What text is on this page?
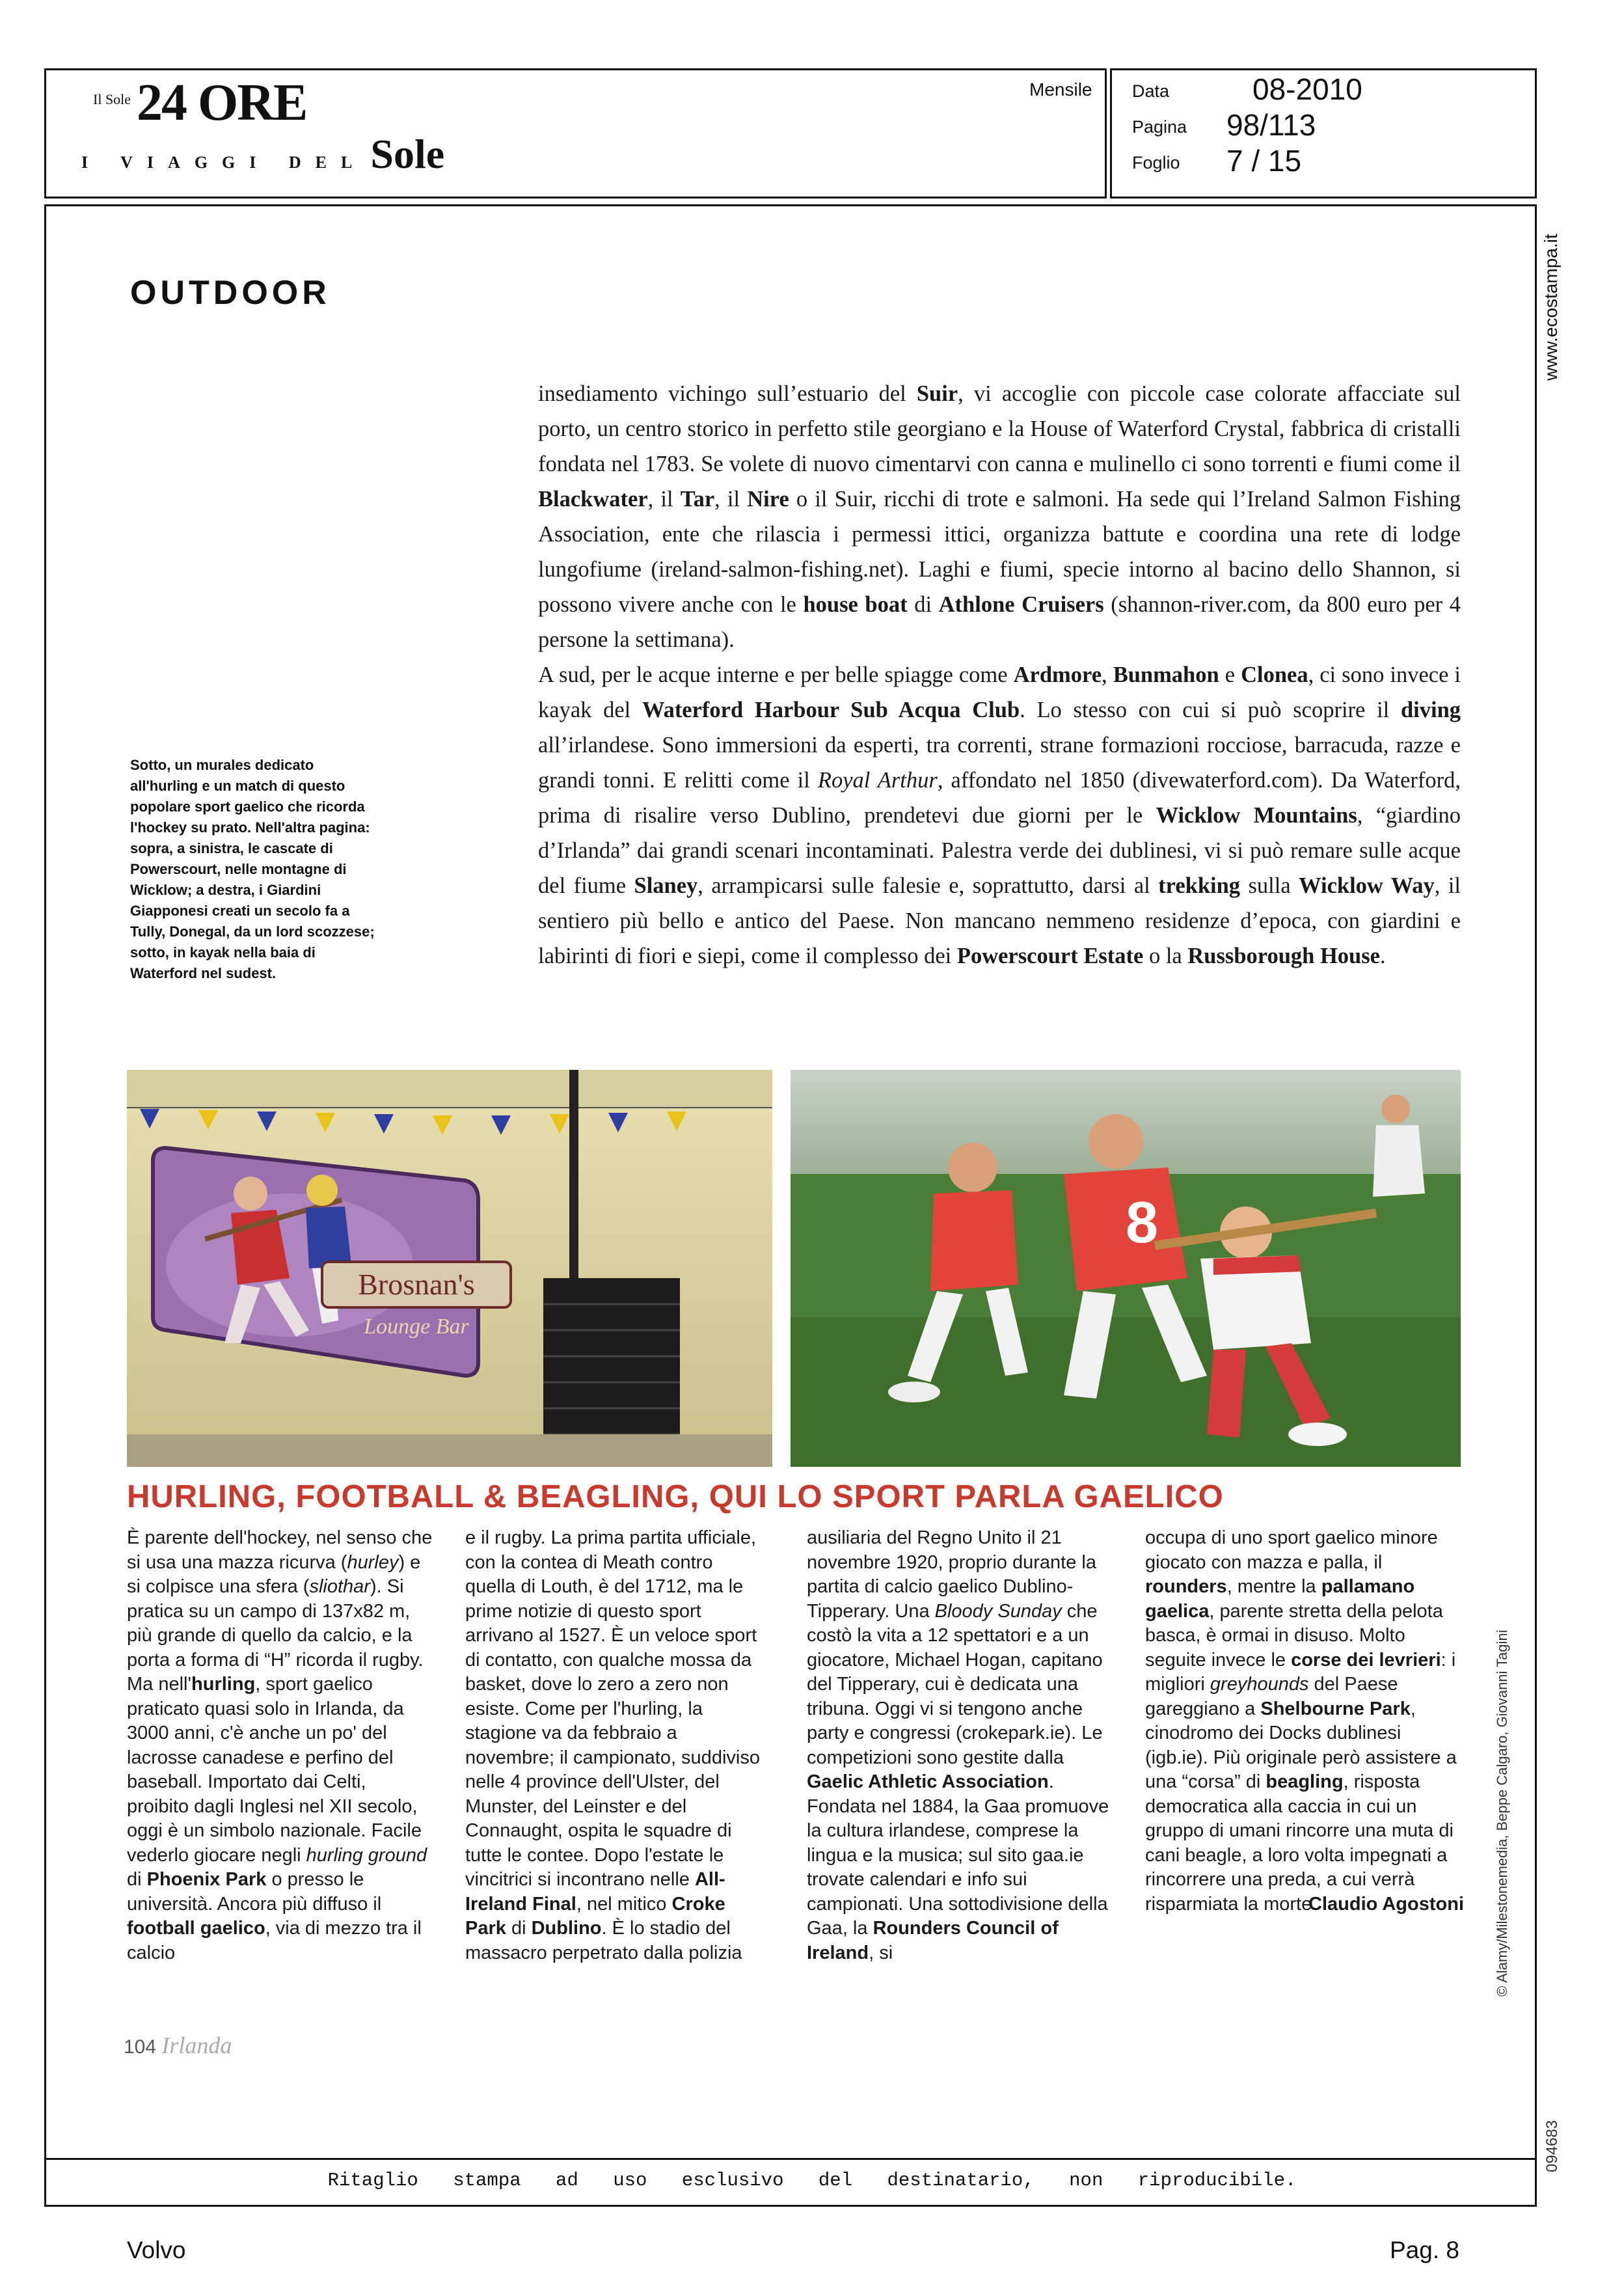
Il Sole 24 ORE
I VIAGGI DELSole
Mensile Data	08-2010
Pagina 98/113
Foglio 7 / 15
www.ecostampa.it
OUTDOOR
Sotto, un murales dedicato all'hurling e un match di questo popolare sport gaelico che ricorda l'hockey su prato. Nell'altra pagina: sopra, a sinistra, le cascate di Powerscourt, nelle montagne di Wicklow; a destra, i Giardini Giapponesi creati un secolo fa a Tully, Donegal, da un lord scozzese; sotto, in kayak nella baia di Waterford nel sudest.

insediamento vichingo sull’estuario del Suir, vi accoglie con piccole case colorate affacciate sul porto, un centro storico in perfetto stile georgiano e la House of Waterford Crystal, fabbrica di cristalli fondata nel 1783. Se volete di nuovo cimentarvi con canna e mulinello ci sono torrenti e fiumi come il Blackwater, il Tar, il Nire o il Suir, ricchi di trote e salmoni. Ha sede qui l’Ireland Salmon Fishing Association, ente che rilascia i permessi ittici, organizza battute e coordina una rete di lodge lungofiume (ireland-salmon-fishing.net). Laghi e fiumi, specie intorno al bacino dello Shannon, si possono vivere anche con le house boat di Athlone Cruisers (shannon-river.com, da 800 euro per 4 persone la settimana).

A sud, per le acque interne e per belle spiagge come Ardmore, Bunmahon e Clonea, ci sono invece i kayak del Waterford Harbour Sub Acqua Club. Lo stesso con cui si può scoprire il diving all’irlandese. Sono immersioni da esperti, tra correnti, strane formazioni rocciose, barracuda, razze e grandi tonni. E relitti come il Royal Arthur, affondato nel 1850 (divewaterford.com). Da Waterford, prima di risalire verso Dublino, prendetevi due giorni per le Wicklow Mountains, “giardino d’Irlanda” dai grandi scenari incontaminati. Palestra verde dei dublinesi, vi si può remare sulle acque del fiume Slaney, arrampicarsi sulle falesie e, soprattutto, darsi al trekking sulla Wicklow Way, il sentiero più bello e antico del Paese. Non mancano nemmeno residenze d’epoca, con giardini e labirinti di fiori e siepi, come il complesso dei Powerscourt Estate o la Russborough House.

Brosnan's
Lounge Bar
8
HURLING, FOOTBALL & BEAGLING, QUI LO SPORT PARLA GAELICO
È parente dell'hockey, nel senso che si usa una mazza ricurva (hurley) e si colpisce una sfera (sliothar). Si pratica su un campo di 137x82 m, più grande di quello da calcio, e la porta a forma di “H” ricorda il rugby. Ma nell'hurling, sport gaelico praticato quasi solo in Irlanda, da 3000 anni, c'è anche un po' del lacrosse canadese e perfino del baseball. Importato dai Celti, proibito dagli Inglesi nel XII secolo, oggi è un simbolo nazionale. Facile vederlo giocare negli hurling ground di Phoenix Park o presso le università. Ancora più diffuso il football gaelico, via di mezzo tra il calcio
e il rugby. La prima partita ufficiale, con la contea di Meath contro quella di Louth, è del 1712, ma le prime notizie di questo sport arrivano al 1527. È un veloce sport di contatto, con qualche mossa da basket, dove lo zero a zero non esiste. Come per l'hurling, la stagione va da febbraio a novembre; il campionato, suddiviso nelle 4 province dell'Ulster, del Munster, del Leinster e del Connaught, ospita le squadre di tutte le contee. Dopo l'estate le vincitrici si incontrano nelle All-Ireland Final, nel mitico Croke Park di Dublino. È lo stadio del massacro perpetrato dalla polizia
ausiliaria del Regno Unito il 21 novembre 1920, proprio durante la partita di calcio gaelico Dublino-Tipperary. Una Bloody Sunday che costò la vita a 12 spettatori e a un giocatore, Michael Hogan, capitano del Tipperary, cui è dedicata una tribuna. Oggi vi si tengono anche party e congressi (crokepark.ie). Le competizioni sono gestite dalla Gaelic Athletic Association. Fondata nel 1884, la Gaa promuove la cultura irlandese, comprese la lingua e la musica; sul sito gaa.ie trovate calendari e info sui campionati. Una sottodivisione della Gaa, la Rounders Council of Ireland, si
occupa di uno sport gaelico minore giocato con mazza e palla, il rounders, mentre la pallamano gaelica, parente stretta della pelota basca, è ormai in disuso. Molto seguite invece le corse dei levrieri: i migliori greyhounds del Paese gareggiano a Shelbourne Park, cinodromo dei Docks dublinesi (igb.ie). Più originale però assistere a una “corsa” di beagling, risposta democratica alla caccia in cui un gruppo di umani rincorre una muta di cani beagle, a loro volta impegnati a rincorrere una preda, a cui verrà risparmiata la morte.
Claudio Agostoni © Alamy/Milestonemedia, Beppe Calgaro, Giovanni Tagini
104 Irlanda
094683
Ritaglio stampa ad uso esclusivo del destinatario, non riproducibile.
Volvo	Pag. 8
